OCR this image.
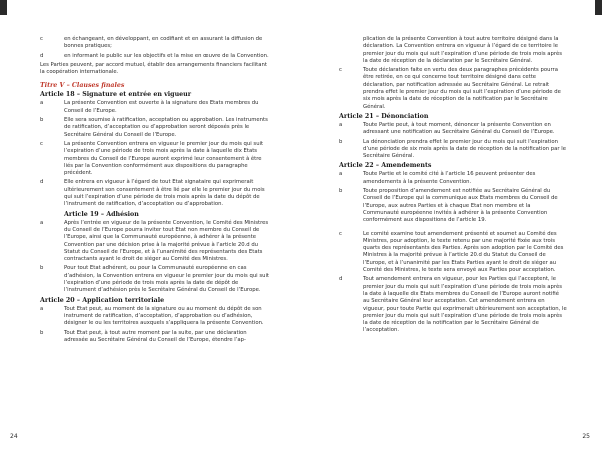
c	en échangeant, en développant, en codifiant et en assurant la diffusion de bonnes pratiques;
d	en informant le public sur les objectifs et la mise en œuvre de la Convention.

Les Parties peuvent, par accord mutuel, établir des arrangements financiers facilitant la coopération internationale.

Titre V – Clauses finales
Article 18 – Signature et entrée en vigueur
a	La présente Convention est ouverte à la signature des Etats membres du Conseil de l’Europe.
b	Elle sera soumise à ratification, acceptation ou approbation. Les instruments de ratification, d’acceptation ou d’approbation seront déposés près le Secrétaire Général du Conseil de l’Europe.
c	La présente Convention entrera en vigueur le premier jour du mois qui suit l’expiration d’une période de trois mois après la date à laquelle dix Etats membres du Conseil de l’Europe auront exprimé leur consentement à être liés par la Convention conformément aux dispositions du paragraphe précédent.
d	Elle entrera en vigueur à l’égard de tout Etat signataire qui exprimerait ultérieurement son consentement à être lié par elle le premier jour du mois qui suit l’expiration d’une période de trois mois après la date du dépôt de l’instrument de ratification, d’acceptation ou d’approbation.
Article 19 – Adhésion
a	Après l’entrée en vigueur de la présente Convention, le Comité des Ministres du Conseil de l’Europe pourra inviter tout Etat non membre du Conseil de l’Europe, ainsi que la Communauté européenne, à adhérer à la présente Convention par une décision prise à la majorité prévue à l’article 20.d du Statut du Conseil de l’Europe, et à l’unanimité des représentants des Etats contractants ayant le droit de siéger au Comité des Ministres.
b	Pour tout Etat adhérent, ou pour la Communauté européenne en cas d’adhésion, la Convention entrera en vigueur le premier jour du mois qui suit l’expiration d’une période de trois mois après la date de dépôt de l’instrument d’adhésion près le Secrétaire Général du Conseil de l’Europe.
Article 20 – Application territoriale
a	Tout Etat peut, au moment de la signature ou au moment du dépôt de son instrument de ratification, d’acceptation, d’approbation ou d’adhésion, désigner le ou les territoires auxquels s’appliquera la présente Convention.
b	Tout Etat peut, à tout autre moment par la suite, par une déclaration adressée au Secrétaire Général du Conseil de l’Europe, étendre l’ap-
24
plication de la présente Convention à tout autre territoire désigné dans la déclaration. La Convention entrera en vigueur à l’égard de ce territoire le premier jour du mois qui suit l’expiration d’une période de trois mois après la date de réception de la déclaration par le Secrétaire Général.
c	Toute déclaration faite en vertu des deux paragraphes précédents pourra être retirée, en ce qui concerne tout territoire désigné dans cette déclaration, par notification adressée au Secrétaire Général. Le retrait prendra effet le premier jour du mois qui suit l’expiration d’une période de six mois après la date de réception de la notification par le Secrétaire Général.
Article 21 – Dénonciation
a	Toute Partie peut, à tout moment, dénoncer la présente Convention en adressant une notification au Secrétaire Général du Conseil de l’Europe.
b	La dénonciation prendra effet le premier jour du mois qui suit l’expiration d’une période de six mois après la date de réception de la notification par le Secrétaire Général.
Article 22 – Amendements
a	Toute Partie et le comité cité à l’article 16 peuvent présenter des amendements à la présente Convention.
b	Toute proposition d’amendement est notifiée au Secrétaire Général du Conseil de l’Europe qui la communique aux Etats membres du Conseil de l’Europe, aux autres Parties et à chaque Etat non membre et la Communauté européenne invités à adhérer à la présente Convention conformément aux dispositions de l’article 19.
c	Le comité examine tout amendement présenté et soumet au Comité des Ministres, pour adoption, le texte retenu par une majorité fixée aux trois quarts des représentants des Parties. Après son adoption par le Comité des Ministres à la majorité prévue à l’article 20.d du Statut du Conseil de l’Europe, et à l’unanimité par les Etats Parties ayant le droit de siéger au Comité des Ministres, le texte sera envoyé aux Parties pour acceptation.
d	Tout amendement entrera en vigueur, pour les Parties qui l’acceptent, le premier jour du mois qui suit l’expiration d’une période de trois mois après la date à laquelle dix Etats membres du Conseil de l’Europe auront notifié au Secrétaire Général leur acceptation. Cet amendement entrera en vigueur, pour toute Partie qui exprimerait ultérieurement son acceptation, le premier jour du mois qui suit l’expiration d’une période de trois mois après la date de réception de la notification par le Secrétaire Général de l’acceptation.
25
